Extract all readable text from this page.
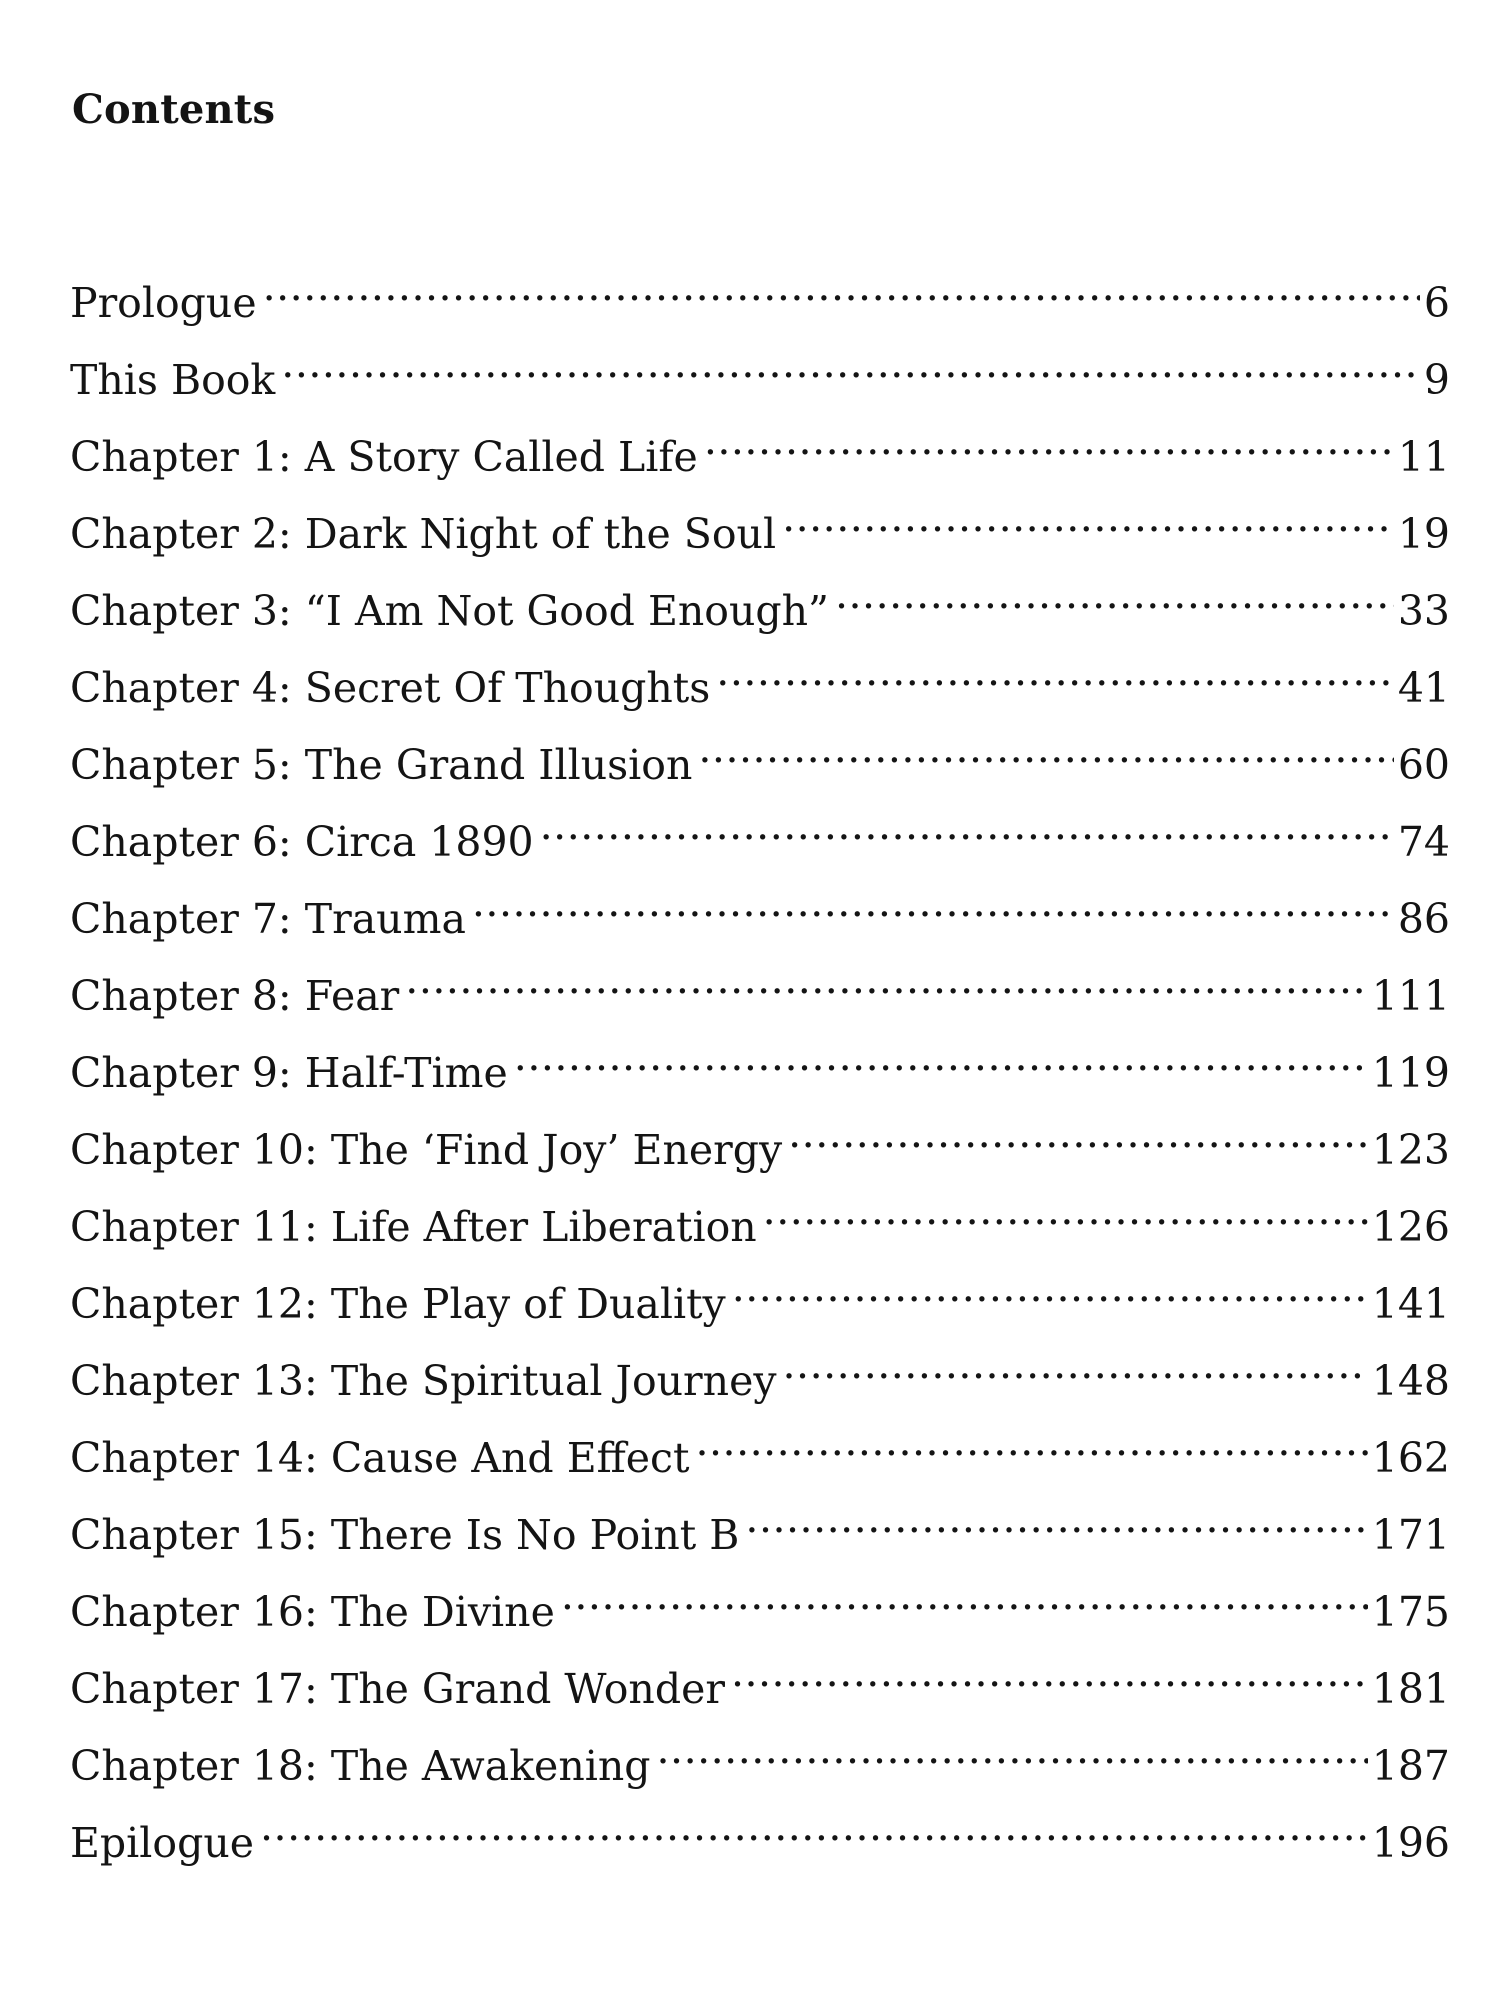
Contents
Prologue .....	6
This Book .....	9
Chapter 1: A Story Called Life .....	11
Chapter 2: Dark Night of the Soul .....	19
Chapter 3: “I Am Not Good Enough” .....	33
Chapter 4: Secret Of Thoughts .....	41
Chapter 5: The Grand Illusion .....	60
Chapter 6: Circa 1890 .....	74
Chapter 7: Trauma .....	86
Chapter 8: Fear .....	111
Chapter 9: Half-Time .....	119
Chapter 10: The ‘Find Joy’ Energy .....	123
Chapter 11: Life After Liberation .....	126
Chapter 12: The Play of Duality .....	141
Chapter 13: The Spiritual Journey .....	148
Chapter 14: Cause And Effect .....	162
Chapter 15: There Is No Point B .....	171
Chapter 16: The Divine .....	175
Chapter 17: The Grand Wonder .....	181
Chapter 18: The Awakening .....	187
Epilogue .....	196
